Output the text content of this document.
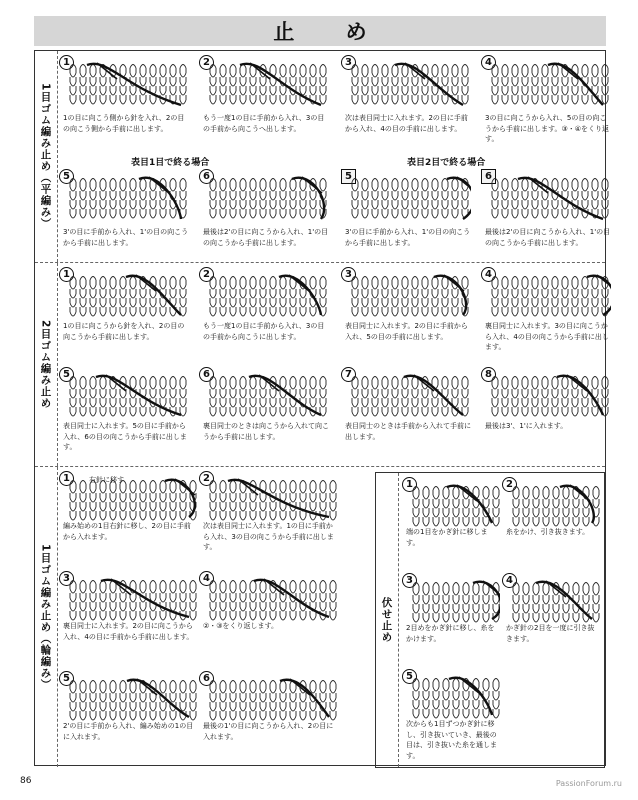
止 め
1目ゴム編み止め（平編み）	表目1目で終る場合	表目2目で終る場合
1
1の目に向こう側から針を入れ、2の目の向こう側から手前に出します。
2
もう一度1の目に手前から入れ、3の目の手前から向こうへ出します。
3
次は表目同士に入れます。2の目に手前から入れ、4の目の手前に出します。
4
3の目に向こうから入れ、5の目の向こうから手前に出します。③・④をくり返す。
5
3'の目に手前から入れ、1'の目の向こうから手前に出します。
6
最後は2'の目に向こうから入れ、1'の目の向こうから手前に出します。
5
3'の目に手前から入れ、1'の目の向こうから手前に出します。
6
最後は2'の目に向こうから入れ、1'の目の向こうから手前に出します。
2目ゴム編み止め
1
1の目に向こうから針を入れ、2の目の向こうから手前に出します。
2
もう一度1の目に手前から入れ、3の目の手前から向こうに出します。
3
表目同士に入れます。2の目に手前から入れ、5の目の手前に出します。
4
裏目同士に入れます。3の目に向こうから入れ、4の目の向こうから手前に出します。
5
表目同士に入れます。5の目に手前から入れ、6の目の向こうから手前に出します。
6
裏目同士のときは向こうから入れて向こうから手前に出します。
7
表目同士のときは手前から入れて手前に出します。
8
最後は3'、1'に入れます。
1目ゴム編み止め（輪編み）
右針に移す
1
編み始めの1目右針に移し、2の目に手前から入れます。
2
次は表目同士に入れます。1の目に手前から入れ、3の目の向こうから手前に出します。
3
裏目同士に入れます。2の目に向こうから入れ、4の目に手前から手前に出します。
4
②・③をくり返します。
5
2'の目に手前から入れ、編み始めの1の目に入れます。
6
最後の1'の目に向こうから入れ、2の目に入れます。
伏せ止め
1
端の1目をかぎ針に移します。
2
糸をかけ、引き抜きます。
3
2目めをかぎ針に移し、糸をかけます。
4
かぎ針の2目を一度に引き抜きます。
5
次からも1目ずつかぎ針に移し、引き抜いていき、最後の目は、引き抜いた糸を通します。
86	PassionForum.ru
